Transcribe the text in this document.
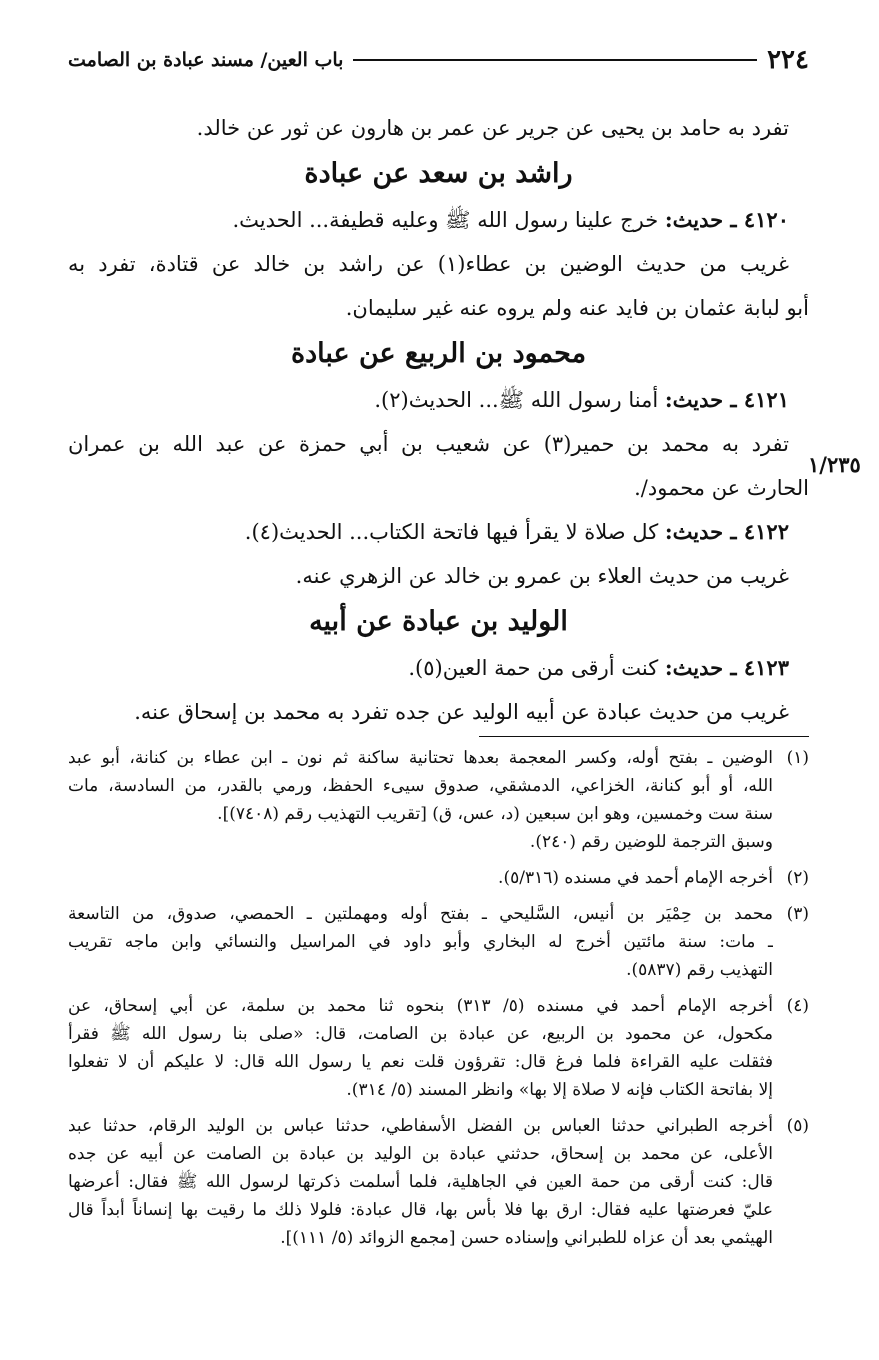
٢٢٤
باب العين/ مسند عبادة بن الصامت
١/٢٣٥
تفرد به حامد بن يحيى عن جرير عن عمر بن هارون عن ثور عن خالد.
راشد بن سعد عن عبادة
٤١٢٠ ـ حديث: خرج علينا رسول الله ﷺ وعليه قطيفة... الحديث.
غريب من حديث الوضين بن عطاء(١) عن راشد بن خالد عن قتادة، تفرد به
أبو لبابة عثمان بن فايد عنه ولم يروه عنه غير سليمان.
محمود بن الربيع عن عبادة
٤١٢١ ـ حديث: أمنا رسول الله ﷺ... الحديث(٢).
تفرد به محمد بن حمير(٣) عن شعيب بن أبي حمزة عن عبد الله بن عمران
الحارث عن محمود/.
٤١٢٢ ـ حديث: كل صلاة لا يقرأ فيها فاتحة الكتاب... الحديث(٤).
غريب من حديث العلاء بن عمرو بن خالد عن الزهري عنه.
الوليد بن عبادة عن أبيه
٤١٢٣ ـ حديث: كنت أرقى من حمة العين(٥).
غريب من حديث عبادة عن أبيه الوليد عن جده تفرد به محمد بن إسحاق عنه.
(١)
الوضين ـ بفتح أوله، وكسر المعجمة بعدها تحتانية ساكنة ثم نون ـ ابن عطاء بن كنانة، أبو عبد
الله، أو أبو كنانة، الخزاعي، الدمشقي، صدوق سيىء الحفظ، ورمي بالقدر، من السادسة، مات
سنة ست وخمسين، وهو ابن سبعين (د، عس، ق) [تقريب التهذيب رقم (٧٤٠٨)].
وسبق الترجمة للوضين رقم (٢٤٠).
(٢)
أخرجه الإمام أحمد في مسنده (٥/٣١٦).
(٣)
محمد بن حِمْيَر بن أنيس، السَّليحي ـ بفتح أوله ومهملتين ـ الحمصي، صدوق، من التاسعة
ـ مات: سنة مائتين أخرج له البخاري وأبو داود في المراسيل والنسائي وابن ماجه تقريب
التهذيب رقم (٥٨٣٧).
(٤)
أخرجه الإمام أحمد في مسنده (٥/ ٣١٣) بنحوه ثنا محمد بن سلمة، عن أبي إسحاق، عن
مكحول، عن محمود بن الربيع، عن عبادة بن الصامت، قال: «صلى بنا رسول الله ﷺ فقرأ
فثقلت عليه القراءة فلما فرغ قال: تقرؤون قلت نعم يا رسول الله قال: لا عليكم أن لا تفعلوا
إلا بفاتحة الكتاب فإنه لا صلاة إلا بها» وانظر المسند (٥/ ٣١٤).
(٥)
أخرجه الطبراني حدثنا العباس بن الفضل الأسفاطي، حدثنا عباس بن الوليد الرقام، حدثنا عبد
الأعلى، عن محمد بن إسحاق، حدثني عبادة بن الوليد بن عبادة بن الصامت عن أبيه عن جده
قال: كنت أرقى من حمة العين في الجاهلية، فلما أسلمت ذكرتها لرسول الله ﷺ فقال: أعرضها
عليّ فعرضتها عليه فقال: ارق بها فلا بأس بها، قال عبادة: فلولا ذلك ما رقيت بها إنساناً أبداً قال
الهيثمي بعد أن عزاه للطبراني وإسناده حسن [مجمع الزوائد (٥/ ١١١)].
